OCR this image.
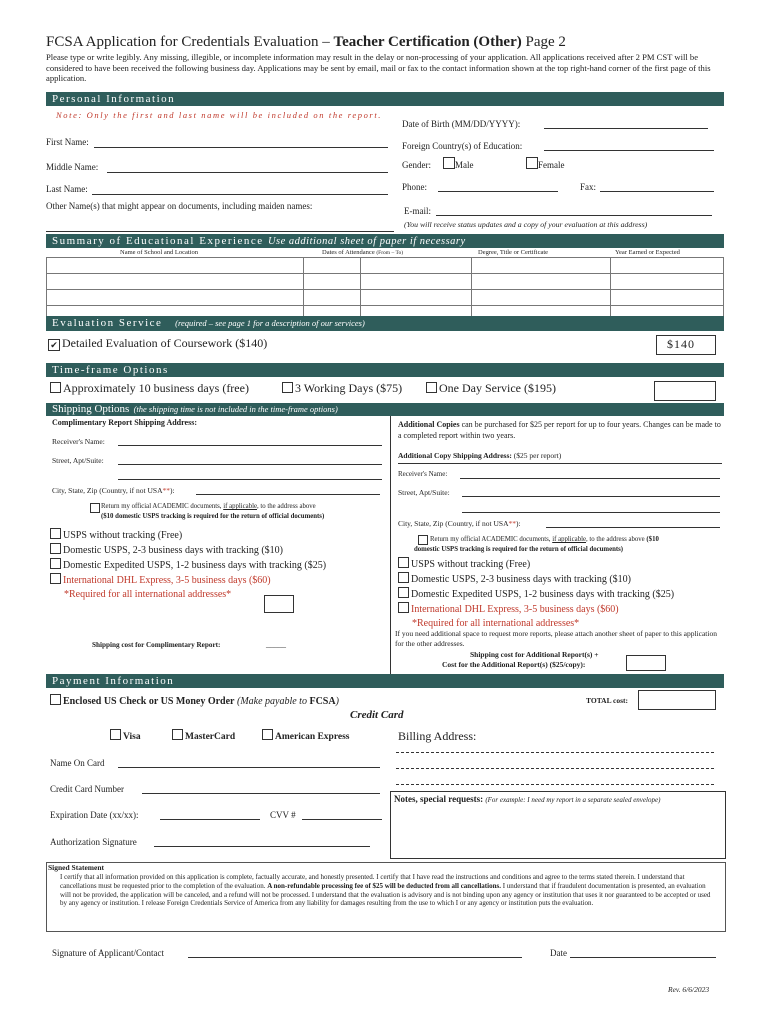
FCSA Application for Credentials Evaluation – Teacher Certification (Other) Page 2
Please type or write legibly. Any missing, illegible, or incomplete information may result in the delay or non-processing of your application. All applications received after 2 PM CST will be considered to have been received the following business day. Applications may be sent by email, mail or fax to the contact information shown at the top right-hand corner of the first page of this application.
Personal Information
Note: Only the first and last name will be included on the report.
First Name:
Middle Name:
Last Name:
Other Name(s) that might appear on documents, including maiden names:
Date of Birth (MM/DD/YYYY):
Foreign Country(s) of Education:
Gender:	Male	Female
Phone:	Fax:
E-mail:
(You will receive status updates and a copy of your evaluation at this address)
Summary of Educational Experience Use additional sheet of paper if necessary
Name of School and Location	Dates of Attendance (From – To)	Degree, Title or Certificate	Year Earned or Expected

Evaluation Service (required – see page 1 for a description of our services)
✔ Detailed Evaluation of Coursework ($140)	$140
Time-frame Options
Approximately 10 business days (free)	3 Working Days ($75)	One Day Service ($195)
Shipping Options (the shipping time is not included in the time-frame options)
Complimentary Report Shipping Address:
Receiver's Name:
Street, Apt/Suite:
City, State, Zip (Country, if not USA**):
Return my official ACADEMIC documents, if applicable, to the address above
($10 domestic USPS tracking is required for the return of official documents)
USPS without tracking (Free)
Domestic USPS, 2-3 business days with tracking ($10)
Domestic Expedited USPS, 1-2 business days with tracking ($25)
International DHL Express, 3-5 business days ($60)
*Required for all international addresses*
Shipping cost for Complimentary Report:	_____
Additional Copies can be purchased for $25 per report for up to four years. Changes can be made to a completed report within two years.
Additional Copy Shipping Address: ($25 per report)
Receiver's Name:
Street, Apt/Suite:
City, State, Zip (Country, if not USA**):
Return my official ACADEMIC documents, if applicable, to the address above ($10
domestic USPS tracking is required for the return of official documents)
USPS without tracking (Free)
Domestic USPS, 2-3 business days with tracking ($10)
Domestic Expedited USPS, 1-2 business days with tracking ($25)
International DHL Express, 3-5 business days ($60)
*Required for all international addresses*
If you need additional space to request more reports, please attach another sheet of paper to this application for the other addresses.
Shipping cost for Additional Report(s) +
Cost for the Additional Report(s) ($25/copy):
Payment Information
Enclosed US Check or US Money Order (Make payable to FCSA)	TOTAL cost:
Credit Card
Visa	MasterCard	American Express	Billing Address:
Name On Card
Credit Card Number
Expiration Date (xx/xx):	CVV #
Authorization Signature
Notes, special requests: (For example: I need my report in a separate sealed envelope)
Signed Statement
I certify that all information provided on this application is complete, factually accurate, and honestly presented. I certify that I have read the instructions and conditions and agree to the terms stated therein. I understand that cancellations must be requested prior to the completion of the evaluation. A non-refundable processing fee of $25 will be deducted from all cancellations. I understand that if fraudulent documentation is presented, an evaluation will not be provided, the application will be canceled, and a refund will not be processed. I understand that the evaluation is advisory and is not binding upon any agency or institution that uses it nor guaranteed to be accepted or used by any agency or institution. I release Foreign Credentials Service of America from any liability for damages resulting from the use to which I or any agency or institution puts the evaluation.
Signature of Applicant/Contact	Date
Rev. 6/6/2023
